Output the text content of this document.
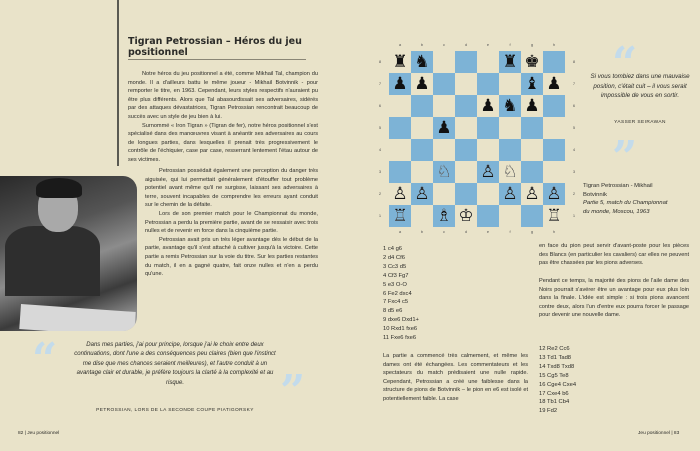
Tigran Petrossian – Héros du jeu positionnel

Notre héros du jeu positionnel a été, comme Mikhail Tal, champion du monde. Il a d'ailleurs battu le même joueur - Mikhail Botvinnik - pour remporter le titre, en 1963. Cependant, leurs styles respectifs n'auraient pu être plus différents. Alors que Tal abasourdissait ses adversaires, sidérés par des attaques dévastatrices, Tigran Petrossian rencontrait beaucoup de succès avec un style de jeu bien à lui.

Surnommé « Iron Tigran » (Tigran de fer), notre héros positionnel s'est spécialisé dans des manœuvres visant à anéantir ses adversaires au cours de longues parties, dans lesquelles il prenait très progressivement le contrôle de l'échiquier, case par case, resserrant lentement l'étau autour de ses victimes.

Petrossian possédait également une perception du danger très aiguisée, qui lui permettait généralement d'étouffer tout problème potentiel avant même qu'il ne surgisse, laissant ses adversaires à terre, souvent incapables de comprendre les erreurs ayant conduit sur le chemin de la défaite.

Lors de son premier match pour le Championnat du monde, Petrossian a perdu la première partie, avant de se ressaisir avec trois nulles et de revenir en force dans la cinquième partie.

Petrossian avait pris un très léger avantage dès le début de la partie, avantage qu'il s'est attaché à cultiver jusqu'à la victoire. Cette partie a remis Petrossian sur la voie du titre. Sur les parties restantes du match, il en a gagné quatre, fait onze nulles et n'en a perdu qu'une.

“	Dans mes parties, j'ai pour principe, lorsque j'ai le choix entre deux continuations, dont l'une a des conséquences peu claires (bien que l'instinct me dise que mes chances seraient meilleures), et l'autre conduit à un avantage clair et durable, je préfère toujours la clarté à la complexité et au risque.	”
PETROSSIAN, LORS DE LA SECONDE COUPE PIATIGORSKY
82 | Jeu positionnel
a	b	c	d	e	f	g	h
a	b	c	d	e	f	g	h
8
7
6
5
4
3
2
1
8
7
6
5
4
3
2
1
♜ ♞	♜ ♚
♟ ♟	♝ ♟
♟ ♞ ♟
♟
♘ ♙ ♘
♙ ♙	♙ ♙ ♙
♖ ♗ ♔	♖
“
Si vous tombiez dans une mauvaise position, c'était cuit – il vous serait impossible de vous en sortir.
YASSER SEIRAWAN
”
Tigran Petrossian - Mikhail Botvinnik
Partie 5, match du Championnat du monde, Moscou, 1963
1 c4 g6
2 d4 Cf6
3 Cc3 d5
4 Cf3 Fg7
5 e3 O-O
6 Fe2 dxc4
7 Fxc4 c5
8 d5 e6
9 dxe6 Dxd1+
10 Rxd1 fxe6
11 Fxe6 fxe6
La partie a commencé très calmement, et même les dames ont été échangées. Les commentateurs et les spectateurs du match prédisaient une nulle rapide. Cependant, Petrossian a créé une faiblesse dans la structure de pions de Botvinnik – le pion en e6 est isolé et potentiellement faible. La case
en face du pion peut servir d'avant-poste pour les pièces des Blancs (en particulier les cavaliers) car elles ne peuvent pas être chassées par les pions adverses.
Pendant ce temps, la majorité des pions de l'aile dame des Noirs pourrait s'avérer être un avantage pour eux plus loin dans la finale. L'idée est simple : si trois pions avancent contre deux, alors l'un d'entre eux pourra forcer le passage pour devenir une nouvelle dame.
12 Re2 Cc6
13 Td1 Tad8
14 Txd8 Txd8
15 Cg5 Te8
16 Cge4 Cxe4
17 Cxe4 b6
18 Tb1 Cb4
19 Fd2
Jeu positionnel | 83
